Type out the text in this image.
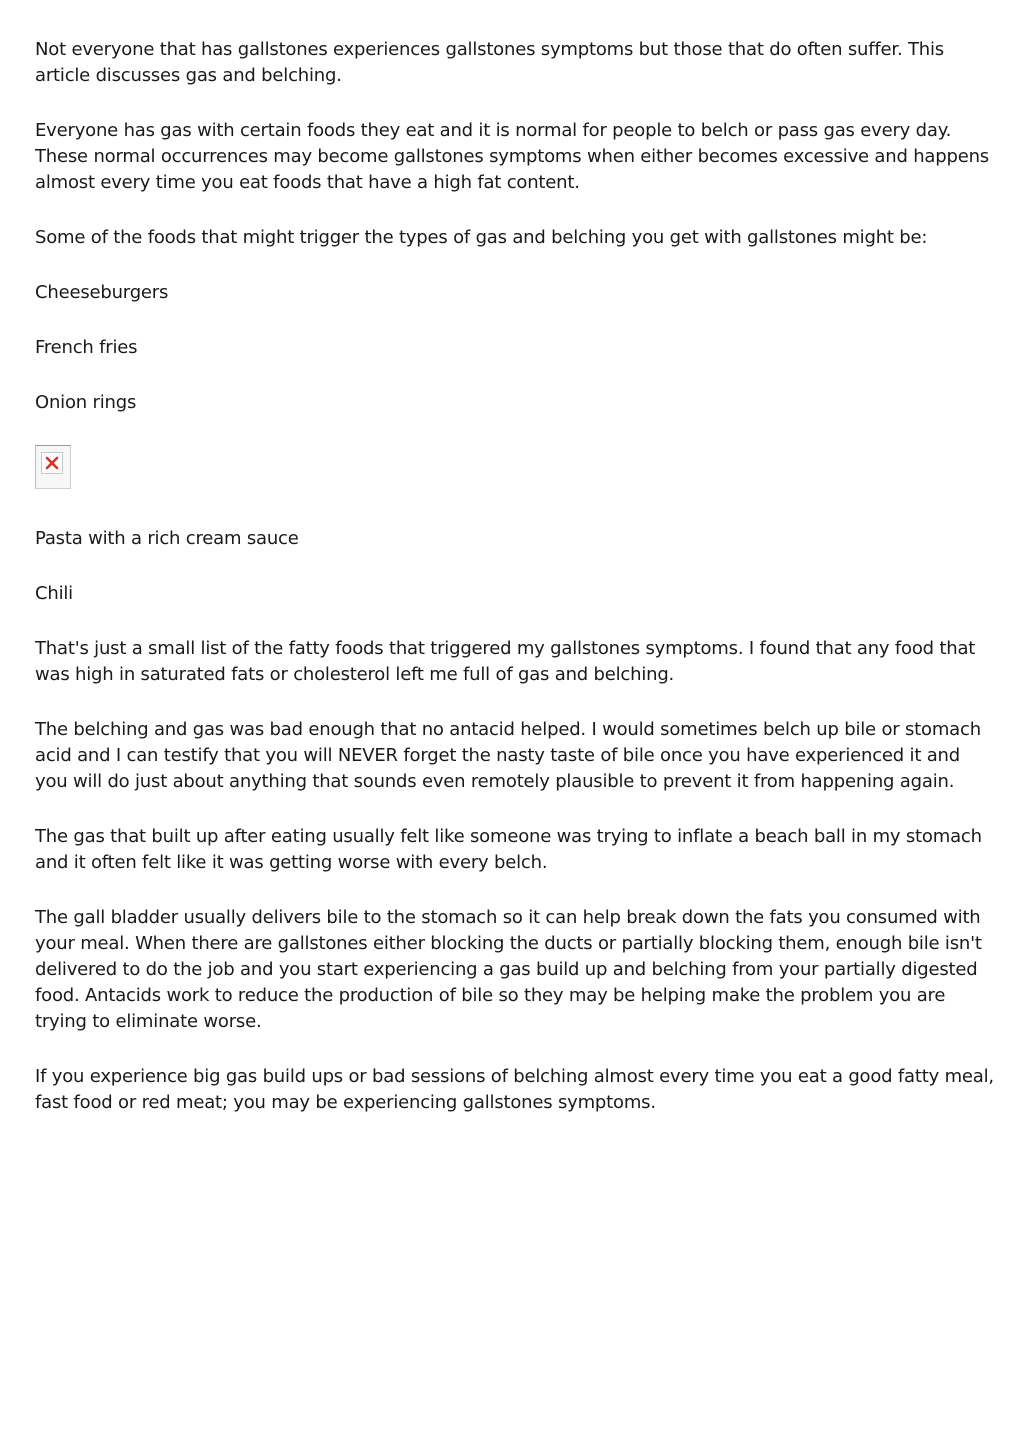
Not everyone that has gallstones experiences gallstones symptoms but those that do often suffer. This article discusses gas and belching.

Everyone has gas with certain foods they eat and it is normal for people to belch or pass gas every day. These normal occurrences may become gallstones symptoms when either becomes excessive and happens almost every time you eat foods that have a high fat content.

Some of the foods that might trigger the types of gas and belching you get with gallstones might be:

Cheeseburgers

French fries

Onion rings

Pasta with a rich cream sauce

Chili

That's just a small list of the fatty foods that triggered my gallstones symptoms. I found that any food that was high in saturated fats or cholesterol left me full of gas and belching.

The belching and gas was bad enough that no antacid helped. I would sometimes belch up bile or stomach acid and I can testify that you will NEVER forget the nasty taste of bile once you have experienced it and you will do just about anything that sounds even remotely plausible to prevent it from happening again.

The gas that built up after eating usually felt like someone was trying to inflate a beach ball in my stomach and it often felt like it was getting worse with every belch.

The gall bladder usually delivers bile to the stomach so it can help break down the fats you consumed with your meal. When there are gallstones either blocking the ducts or partially blocking them, enough bile isn't delivered to do the job and you start experiencing a gas build up and belching from your partially digested food. Antacids work to reduce the production of bile so they may be helping make the problem you are trying to eliminate worse.

If you experience big gas build ups or bad sessions of belching almost every time you eat a good fatty meal, fast food or red meat; you may be experiencing gallstones symptoms.
